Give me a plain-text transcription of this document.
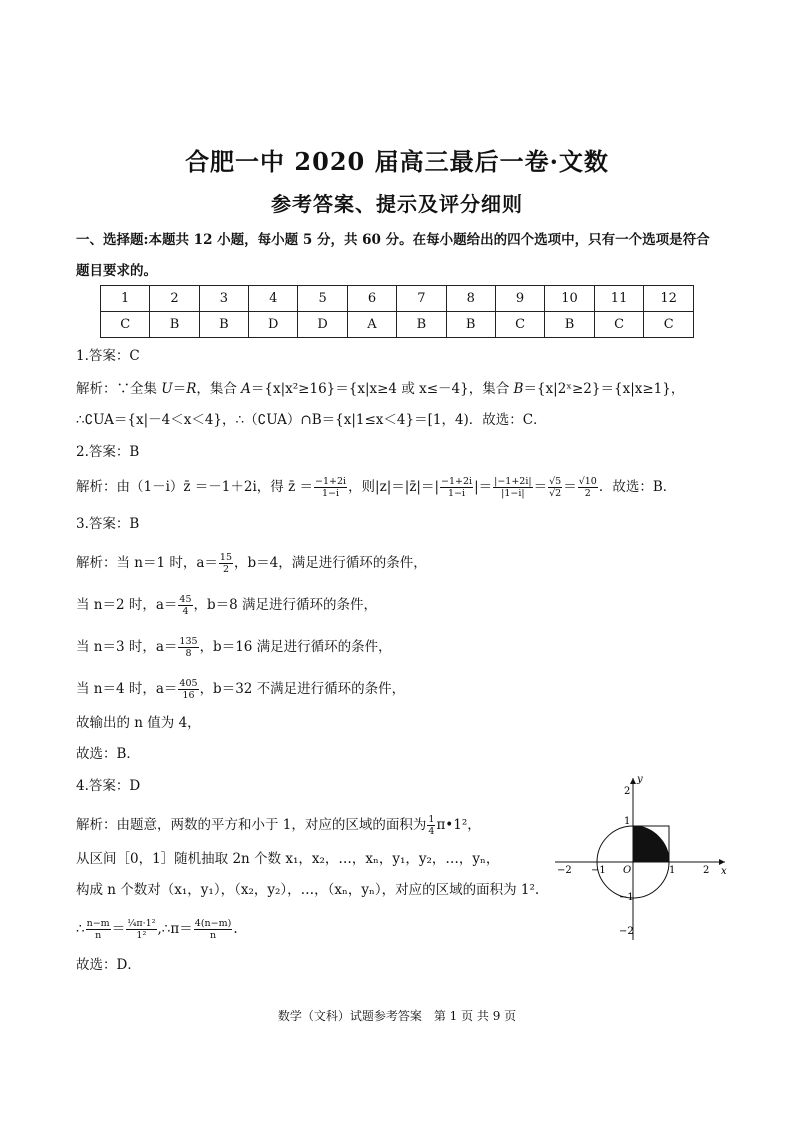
合肥一中 2020 届高三最后一卷·文数
参考答案、提示及评分细则
一、选择题:本题共 12 小题，每小题 5 分，共 60 分。在每小题给出的四个选项中，只有一个选项是符合
题目要求的。
1	2	3	4	5	6	7	8	9	10	11	12
C	B	B	D	D	A	B	B	C	B	C	C
1.答案：C
解析：∵全集 U＝R，集合 A＝{x|x²≥16}＝{x|x≥4 或 x≤－4}，集合 B＝{x|2ˣ≥2}＝{x|x≥1}，
∴∁UA＝{x|－4＜x＜4}，∴（∁UA）∩B＝{x|1≤x＜4}＝[1，4)．故选：C．
2.答案：B
解析：由（1－i）z̄ ＝－1＋2i，得 z̄ ＝ $\frac{-1+2i}{1-i}$ ，则|z|＝|z̄|＝| $\frac{-1+2i}{1-i}$ |＝ $\frac{|-1+2i|}{|1-i|} = \frac{√5}{√2} = \frac{√10}{2}$ ．故选：B．
3.答案：B
解析：当 n＝1 时，$a= \frac{15}{2}$ ，b＝4，满足进行循环的条件，
当 n＝2 时，$a= \frac{45}{4}$ ，b＝8 满足进行循环的条件，
当 n＝3 时，$a= \frac{135}{8}$ ，b＝16 满足进行循环的条件，
当 n＝4 时，$a= \frac{405}{16}$ ，b＝32 不满足进行循环的条件，
故输出的 n 值为 4，
故选：B．
4.答案：D
解析：由题意，两数的平方和小于 1，对应的区域的面积为 $\frac{1}{4}$ π•1²，
从区间［0，1］随机抽取 2n 个数 x₁，x₂，…，xₙ，y₁，y₂，…，yₙ，
构成 n 个数对（x₁，y₁），（x₂，y₂），…，（xₙ，yₙ），对应的区域的面积为 1².
∴ $\frac{n-m}{n} = \frac{\text{¼π·1²}}{\text{1²}}$ ,∴π＝ $\frac{4(n-m)}{n}$ .
故选：D．
y
x
O
−2 −1	1	2
2
1
−1
−2
数学（文科）试题参考答案　第 1 页 共 9 页
